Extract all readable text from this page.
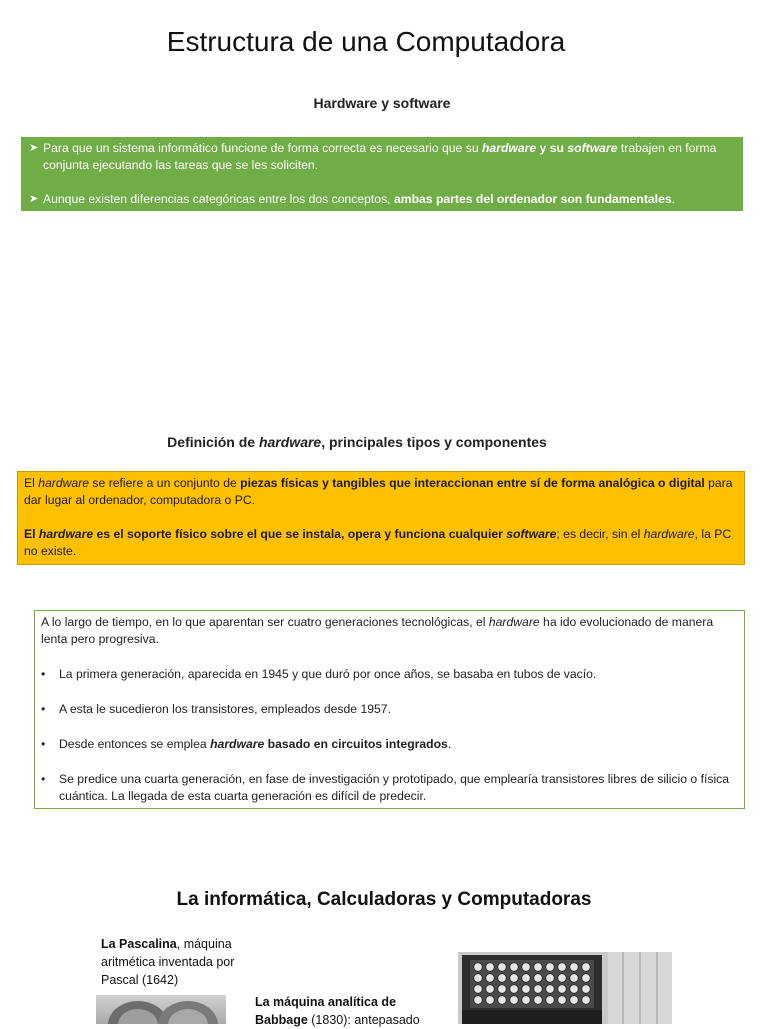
Estructura de una Computadora
Hardware y software
➤ Para que un sistema informático funcione de forma correcta es necesario que su hardware y su software trabajen en forma conjunta ejecutando las tareas que se les soliciten.
➤ Aunque existen diferencias categóricas entre los dos conceptos, ambas partes del ordenador son fundamentales.
Definición de hardware, principales tipos y componentes
El hardware se refiere a un conjunto de piezas físicas y tangibles que interaccionan entre sí de forma analógica o digital para dar lugar al ordenador, computadora o PC.
El hardware es el soporte físico sobre el que se instala, opera y funciona cualquier software; es decir, sin el hardware, la PC no existe.
A lo largo de tiempo, en lo que aparentan ser cuatro generaciones tecnológicas, el hardware ha ido evolucionado de manera lenta pero progresiva.
• La primera generación, aparecida en 1945 y que duró por once años, se basaba en tubos de vacío.
• A esta le sucedieron los transistores, empleados desde 1957.
• Desde entonces se emplea hardware basado en circuitos integrados.
• Se predice una cuarta generación, en fase de investigación y prototipado, que emplearía transistores libres de silicio o física cuántica. La llegada de esta cuarta generación es difícil de predecir.
La informática, Calculadoras y Computadoras
La Pascalina, máquina aritmética inventada por Pascal (1642)
La máquina analítica de Babbage (1830): antepasado
